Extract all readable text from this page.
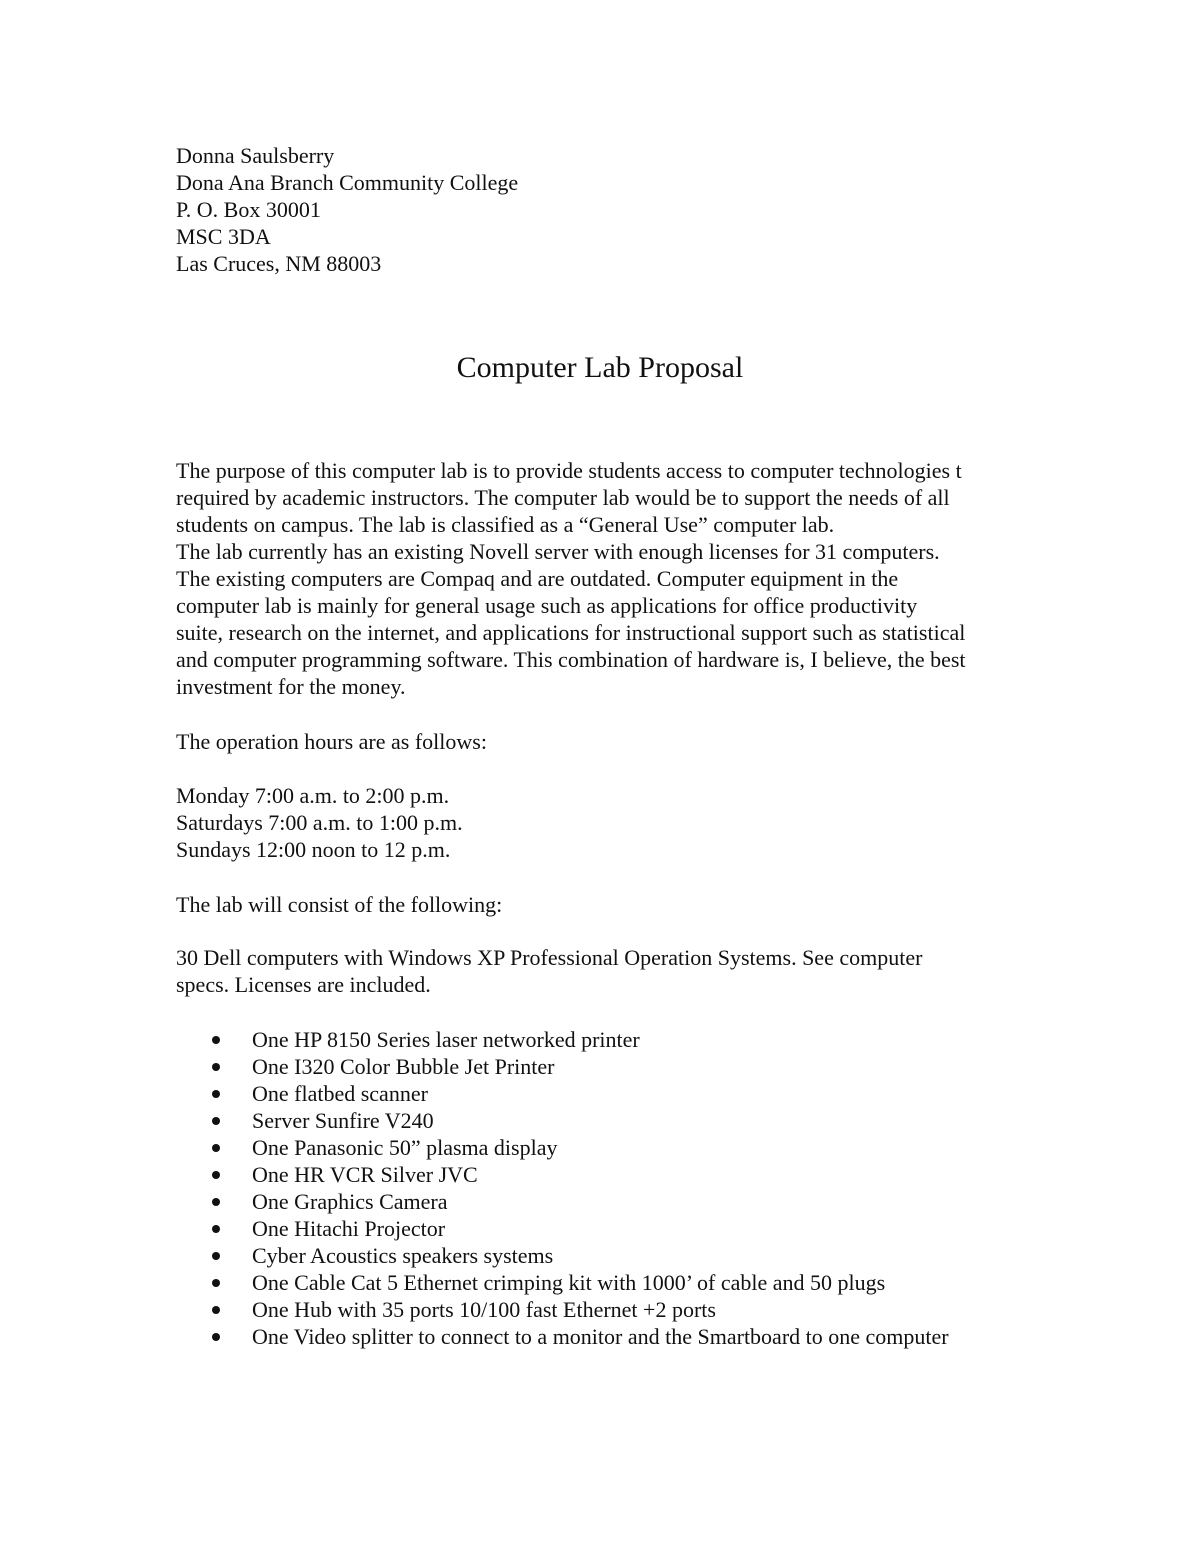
Donna Saulsberry
Dona Ana Branch Community College
P. O. Box 30001
MSC 3DA
Las Cruces, NM 88003
Computer Lab Proposal
The purpose of this computer lab is to provide students access to computer technologies t
required by academic instructors. The computer lab would be to support the needs of all
students on campus. The lab is classified as a “General Use” computer lab.
The lab currently has an existing Novell server with enough licenses for 31 computers.
The existing computers are Compaq and are outdated. Computer equipment in the
computer lab is mainly for general usage such as applications for office productivity
suite, research on the internet, and applications for instructional support such as statistical
and computer programming software. This combination of hardware is, I believe, the best
investment for the money.
The operation hours are as follows:
Monday 7:00 a.m. to 2:00 p.m.
Saturdays 7:00 a.m. to 1:00 p.m.
Sundays 12:00 noon to 12 p.m.
The lab will consist of the following:
30 Dell computers with Windows XP Professional Operation Systems. See computer
specs. Licenses are included.
One HP 8150 Series laser networked printer
One I320 Color Bubble Jet Printer
One flatbed scanner
Server Sunfire V240
One Panasonic 50” plasma display
One HR VCR Silver JVC
One Graphics Camera
One Hitachi Projector
Cyber Acoustics speakers systems
One Cable Cat 5 Ethernet crimping kit with 1000’ of cable and 50 plugs
One Hub with 35 ports 10/100 fast Ethernet +2 ports
One Video splitter to connect to a monitor and the Smartboard to one computer
